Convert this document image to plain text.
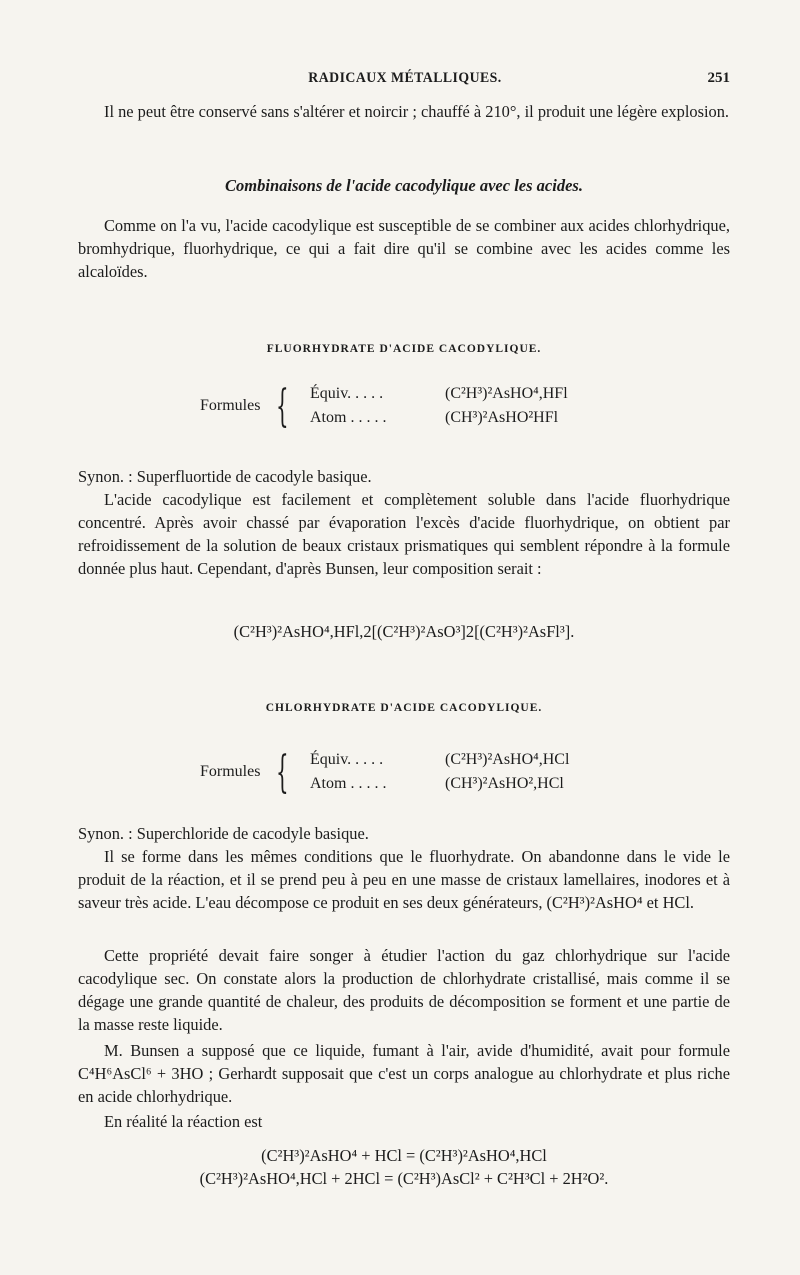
RADICAUX MÉTALLIQUES.	251

Il ne peut être conservé sans s'altérer et noircir ; chauffé à 210°, il produit une légère explosion.

Combinaisons de l'acide cacodylique avec les acides.

Comme on l'a vu, l'acide cacodylique est susceptible de se combiner aux acides chlorhydrique, bromhydrique, fluorhydrique, ce qui a fait dire qu'il se combine avec les acides comme les alcaloïdes.

FLUORHYDRATE D'ACIDE CACODYLIQUE.

Formules { Équiv. . . . .	(C²H³)²AsHO⁴,HFl
Atom . . . . .	(CH³)²AsHO²HFl

Synon. : Superfluortide de cacodyle basique.

L'acide cacodylique est facilement et complètement soluble dans l'acide fluorhydrique concentré. Après avoir chassé par évaporation l'excès d'acide fluorhydrique, on obtient par refroidissement de la solution de beaux cristaux prismatiques qui semblent répondre à la formule donnée plus haut. Cependant, d'après Bunsen, leur composition serait :

(C²H³)²AsHO⁴,HFl,2[(C²H³)²AsO³]2[(C²H³)²AsFl³].

CHLORHYDRATE D'ACIDE CACODYLIQUE.

Formules { Équiv. . . . .	(C²H³)²AsHO⁴,HCl
Atom . . . . .	(CH³)²AsHO²,HCl

Synon. : Superchloride de cacodyle basique.

Il se forme dans les mêmes conditions que le fluorhydrate. On abandonne dans le vide le produit de la réaction, et il se prend peu à peu en une masse de cristaux lamellaires, inodores et à saveur très acide. L'eau décompose ce produit en ses deux générateurs, (C²H³)²AsHO⁴ et HCl.

Cette propriété devait faire songer à étudier l'action du gaz chlorhydrique sur l'acide cacodylique sec. On constate alors la production de chlorhydrate cristallisé, mais comme il se dégage une grande quantité de chaleur, des produits de décomposition se forment et une partie de la masse reste liquide.

M. Bunsen a supposé que ce liquide, fumant à l'air, avide d'humidité, avait pour formule C⁴H⁶AsCl⁶ + 3HO ; Gerhardt supposait que c'est un corps analogue au chlorhydrate et plus riche en acide chlorhydrique.

En réalité la réaction est

(C²H³)²AsHO⁴ + HCl = (C²H³)²AsHO⁴,HCl

(C²H³)²AsHO⁴,HCl + 2HCl = (C²H³)AsCl² + C²H³Cl + 2H²O².
